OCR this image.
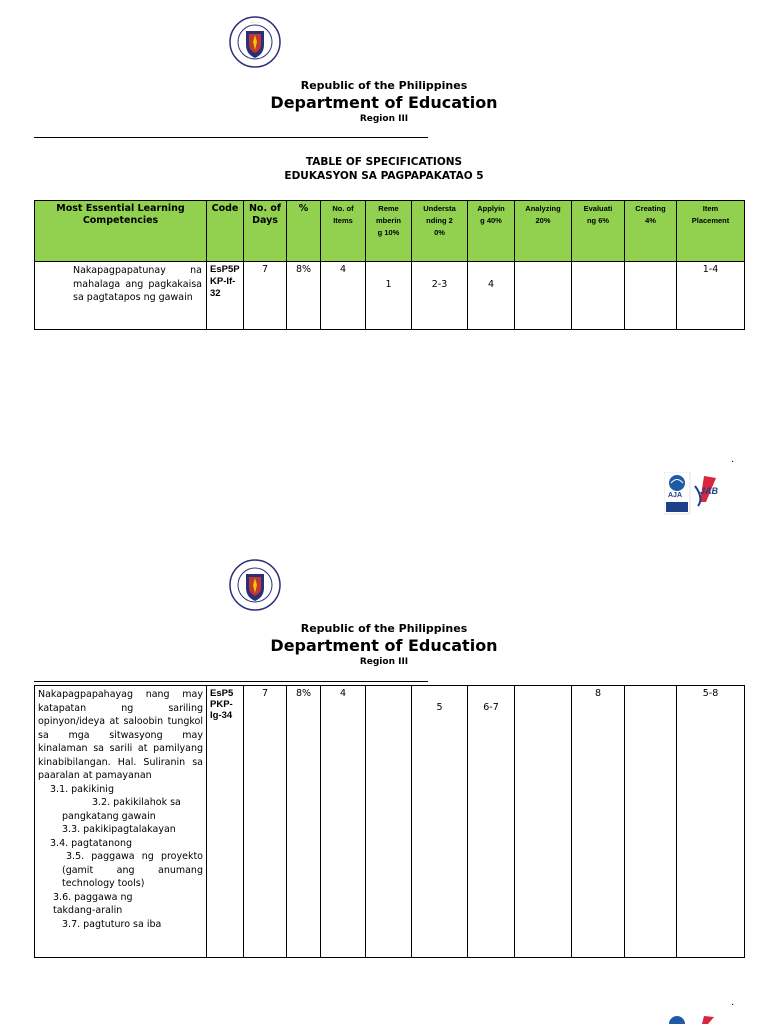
· · · · ·
Republic of the Philippines
Department of Education
Region III
TABLE OF SPECIFICATIONS
EDUKASYON SA PAGPAPAKATAO 5
Most Essential Learning Competencies	Code	No. of Days	%	No. of Items	Remembering 10%	Understanding 20%	Applying 40%	Analyzing 20%	Evaluating 6%	Creating 4%	Item Placement
Nakapagpapatunay na mahalaga ang pagkakaisa sa pagtatapos ng gawain	EsP5PKP-If-32	7	8%	4	1	2-3	4				1-4
.
AJA JAB
Republic of the Philippines
Department of Education
Region III
Nakapagpapahayag nang may katapatan ng sariling opinyon/ideya at saloobin tungkol sa mga sitwasyong may kinalaman sa sarili at pamilyang kinabibilangan. Hal. Suliranin sa paaralan at pamayanan
3.1. pakikinig
3.2. pakikilahok sa pangkatang gawain
3.3. pakikipagtalakayan
3.4. pagtatanong
3.5. paggawa ng proyekto (gamit ang anumang technology tools)
3.6. paggawa ng takdang-aralin
3.7. pagtuturo sa iba
	EsP5 PKP-Ig-34	7	8%	4		5	6-7		8		5-8
.
